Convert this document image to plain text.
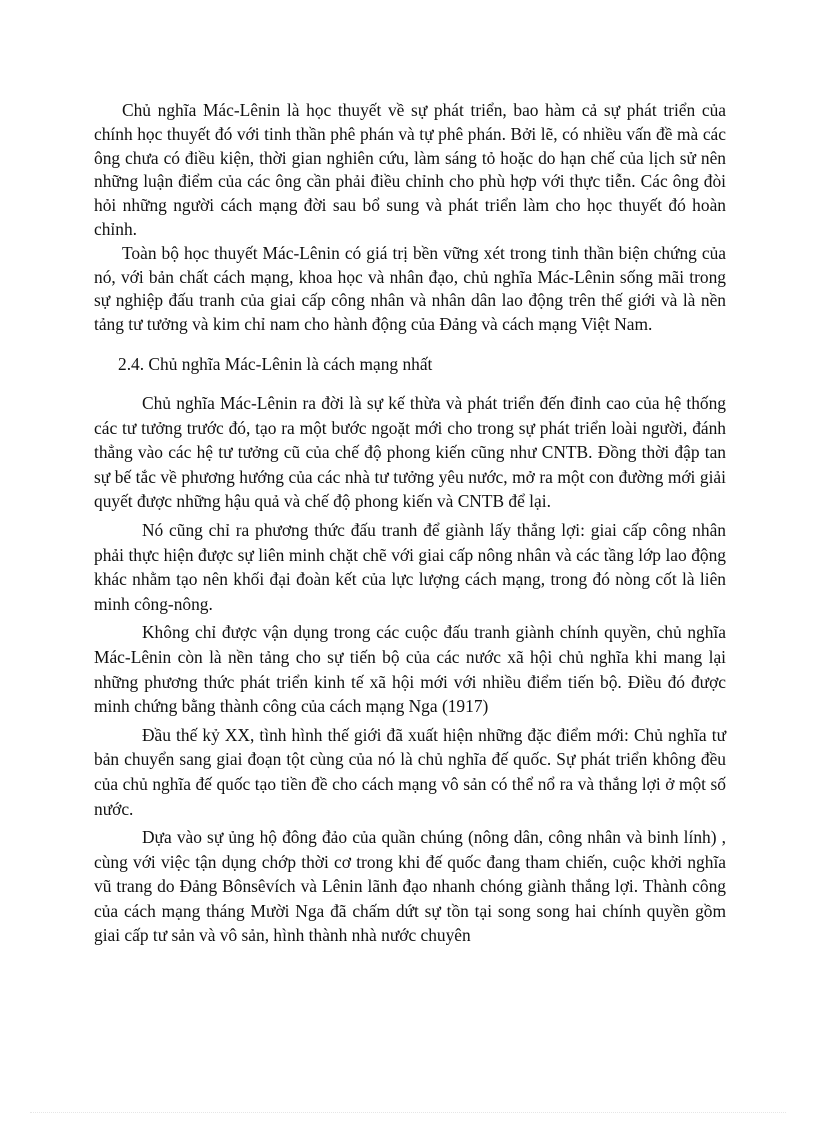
Chủ nghĩa Mác-Lênin là học thuyết về sự phát triển, bao hàm cả sự phát triển của chính học thuyết đó với tinh thần phê phán và tự phê phán. Bởi lẽ, có nhiều vấn đề mà các ông chưa có điều kiện, thời gian nghiên cứu, làm sáng tỏ hoặc do hạn chế của lịch sử nên những luận điểm của các ông cần phải điều chỉnh cho phù hợp với thực tiễn. Các ông đòi hỏi những người cách mạng đời sau bổ sung và phát triển làm cho học thuyết đó hoàn chỉnh.

Toàn bộ học thuyết Mác-Lênin có giá trị bền vững xét trong tinh thần biện chứng của nó, với bản chất cách mạng, khoa học và nhân đạo, chủ nghĩa Mác-Lênin sống mãi trong sự nghiệp đấu tranh của giai cấp công nhân và nhân dân lao động trên thế giới và là nền tảng tư tưởng và kim chỉ nam cho hành động của Đảng và cách mạng Việt Nam.

2.4. Chủ nghĩa Mác-Lênin là cách mạng nhất

Chủ nghĩa Mác-Lênin ra đời là sự kế thừa và phát triển đến đỉnh cao của hệ thống các tư tưởng trước đó, tạo ra một bước ngoặt mới cho trong sự phát triển loài người, đánh thẳng vào các hệ tư tưởng cũ của chế độ phong kiến cũng như CNTB. Đồng thời đập tan sự bế tắc về phương hướng của các nhà tư tưởng yêu nước, mở ra một con đường mới giải quyết được những hậu quả và chế độ phong kiến và CNTB để lại.

Nó cũng chỉ ra phương thức đấu tranh để giành lấy thắng lợi: giai cấp công nhân phải thực hiện được sự liên minh chặt chẽ với giai cấp nông nhân và các tầng lớp lao động khác nhằm tạo nên khối đại đoàn kết của lực lượng cách mạng, trong đó nòng cốt là liên minh công-nông.

Không chỉ được vận dụng trong các cuộc đấu tranh giành chính quyền, chủ nghĩa Mác-Lênin còn là nền tảng cho sự tiến bộ của các nước xã hội chủ nghĩa khi mang lại những phương thức phát triển kinh tế xã hội mới với nhiều điểm tiến bộ. Điều đó được minh chứng bằng thành công của cách mạng Nga (1917)

Đầu thế kỷ XX, tình hình thế giới đã xuất hiện những đặc điểm mới: Chủ nghĩa tư bản chuyển sang giai đoạn tột cùng của nó là chủ nghĩa đế quốc. Sự phát triển không đều của chủ nghĩa đế quốc tạo tiền đề cho cách mạng vô sản có thể nổ ra và thắng lợi ở một số nước.

Dựa vào sự ủng hộ đông đảo của quần chúng (nông dân, công nhân và binh lính) , cùng với việc tận dụng chớp thời cơ trong khi đế quốc đang tham chiến, cuộc khởi nghĩa vũ trang do Đảng Bônsêvích và Lênin lãnh đạo nhanh chóng giành thắng lợi. Thành công của cách mạng tháng Mười Nga đã chấm dứt sự tồn tại song song hai chính quyền gồm giai cấp tư sản và vô sản, hình thành nhà nước chuyên
